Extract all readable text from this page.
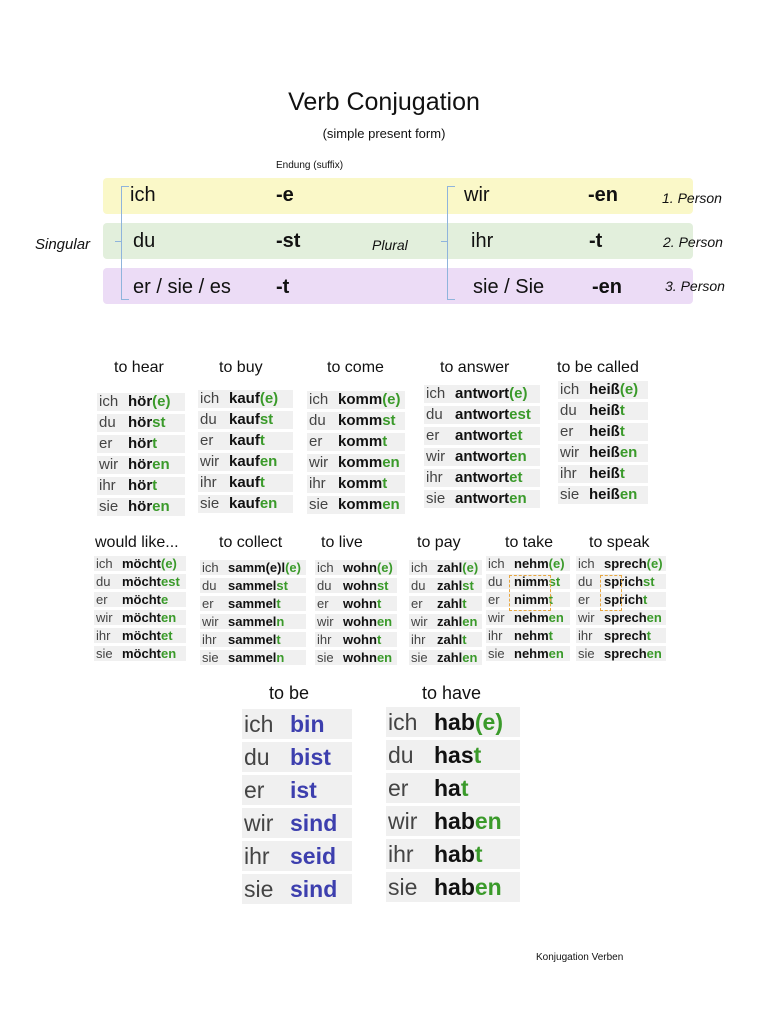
Verb Conjugation
(simple present form)
Endung (suffix)
Singular	Plural
ich	-e	wir	-en	1. Person
du	-st	ihr	-t	2. Person
er / sie / es -t	sie / Sie -en	3. Person
to hear	to buy	to come	to answer	to be called
ich hör(e)
du hörst
er hört
wir hören
ihr hört
sie hören
ich kauf(e)
du kaufst
er kauft
wir kaufen
ihr kauft
sie kaufen
ich komm(e)
du kommst
er kommt
wir kommen
ihr kommt
sie kommen
ich antwort(e)
du antwortest
er antwortet
wir antworten
ihr antwortet
sie antworten
ich heiß(e)
du heißt
er heißt
wir heißen
ihr heißt
sie heißen
would like...	to collect to live	to pay	to take to speak
ich möcht(e)
du möchtest
er möchte
wir möchten
ihr möchtet
sie möchten
ich samm(e)l(e)
du sammelst
er sammelt
wir sammeln
ihr sammelt
sie sammeln
ich wohn(e)
du wohnst
er wohnt
wir wohnen
ihr wohnt
sie wohnen
ich zahl(e)
du zahlst
er zahlt
wir zahlen
ihr zahlt
sie zahlen
ich nehm(e)
du nimmst
er nimmt
wir nehmen
ihr nehmt
sie nehmen
ich sprech(e)
du sprichst
er spricht
wir sprechen
ihr sprecht
sie sprechen
to be	to have
ich bin
du bist
er ist
wir sind
ihr seid
sie sind
ich hab(e)
du hast
er hat
wir haben
ihr habt
sie haben
Konjugation Verben
